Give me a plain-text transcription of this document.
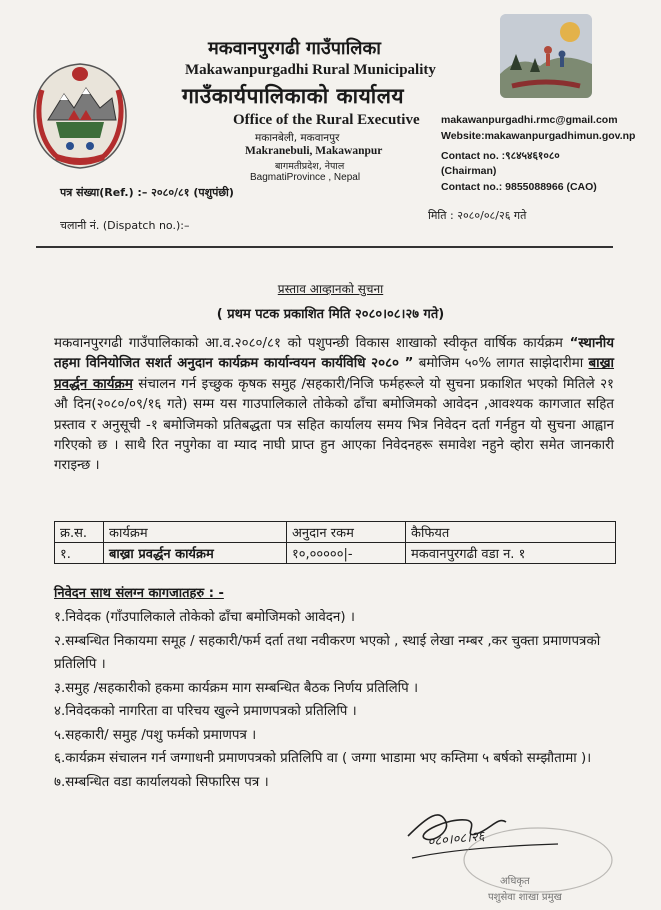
मकवानपुरगढी गाउँपालिका
Makawanpurgadhi Rural Municipality
गाउँकार्यपालिकाको कार्यालय
Office of the Rural Executive
मकानबेली, मकवानपुर
Makranebuli, Makawanpur
बागमतीप्रदेश, नेपाल
BagmatiProvince , Nepal
makawanpurgadhi.rmc@gmail.com
Website:makawanpurgadhimun.gov.np
Contact no. :९८४५४६१०८०
(Chairman)
Contact no.: 9855088966 (CAO)
पत्र संख्या(Ref.) :– २०८०/८१ (पशुपंछी)
चलानी नं. (Dispatch no.):–
मिति : २०८०/०८/२६ गते
प्रस्ताव आव्हानको सुचना
( प्रथम पटक प्रकाशित मिति २०८०।०८।२७ गते)
मकवानपुरगढी गाउँपालिकाको आ.व.२०८०/८१ को पशुपन्छी विकास शाखाको स्वीकृत वार्षिक कार्यक्रम “स्थानीय तहमा विनियोजित सशर्त अनुदान कार्यक्रम कार्यान्वयन कार्यविधि २०८० ” बमोजिम ५०% लागत साझेदारीमा बाख्रा प्रवर्द्धन कार्यक्रम संचालन गर्न इच्छुक कृषक समुह /सहकारी/निजि फर्महरूले यो सुचना प्रकाशित भएको मितिले २१ औ दिन(२०८०/०९/१६ गते) सम्म यस गाउपालिकाले तोकेको ढाँचा बमोजिमको आवेदन ,आवश्यक कागजात सहित प्रस्ताव र अनुसूची -१ बमोजिमको प्रतिबद्धता पत्र सहित कार्यालय समय भित्र निवेदन दर्ता गर्नहुन यो सुचना आह्वान गरिएको छ । साथै रित नपुगेका वा म्याद नाघी प्राप्त हुन आएका निवेदनहरू समावेश नहुने व्होरा समेत जानकारी गराइन्छ ।
क्र.स.	कार्यक्रम	अनुदान रकम	कैफियत
१.	बाख्रा प्रवर्द्धन कार्यक्रम	१०,०००००|-	मकवानपुरगढी वडा न. १
निवेदन साथ संलग्न कागजातहरु : -
१.निवेदक (गाँउपालिकाले तोकेको ढाँचा बमोजिमको आवेदन) ।
२.सम्बन्धित निकायमा समूह / सहकारी/फर्म दर्ता तथा नवीकरण भएको , स्थाई लेखा नम्बर ,कर चुक्ता प्रमाणपत्रको प्रतिलिपि ।
३.समुह /सहकारीको हकमा कार्यक्रम माग सम्बन्धित बैठक निर्णय प्रतिलिपि ।
४.निवेदकको नागरिता वा परिचय खुल्ने प्रमाणपत्रको प्रतिलिपि ।
५.सहकारी/ समुह /पशु फर्मको प्रमाणपत्र ।
६.कार्यक्रम संचालन गर्न जग्गाधनी प्रमाणपत्रको प्रतिलिपि वा ( जग्गा भाडामा भए कम्तिमा ५ बर्षको सम्झौतामा )।
७.सम्बन्धित वडा कार्यालयको सिफारिस पत्र ।
०८०।०८।२६
अधिकृत
पशुसेवा शाखा प्रमुख
